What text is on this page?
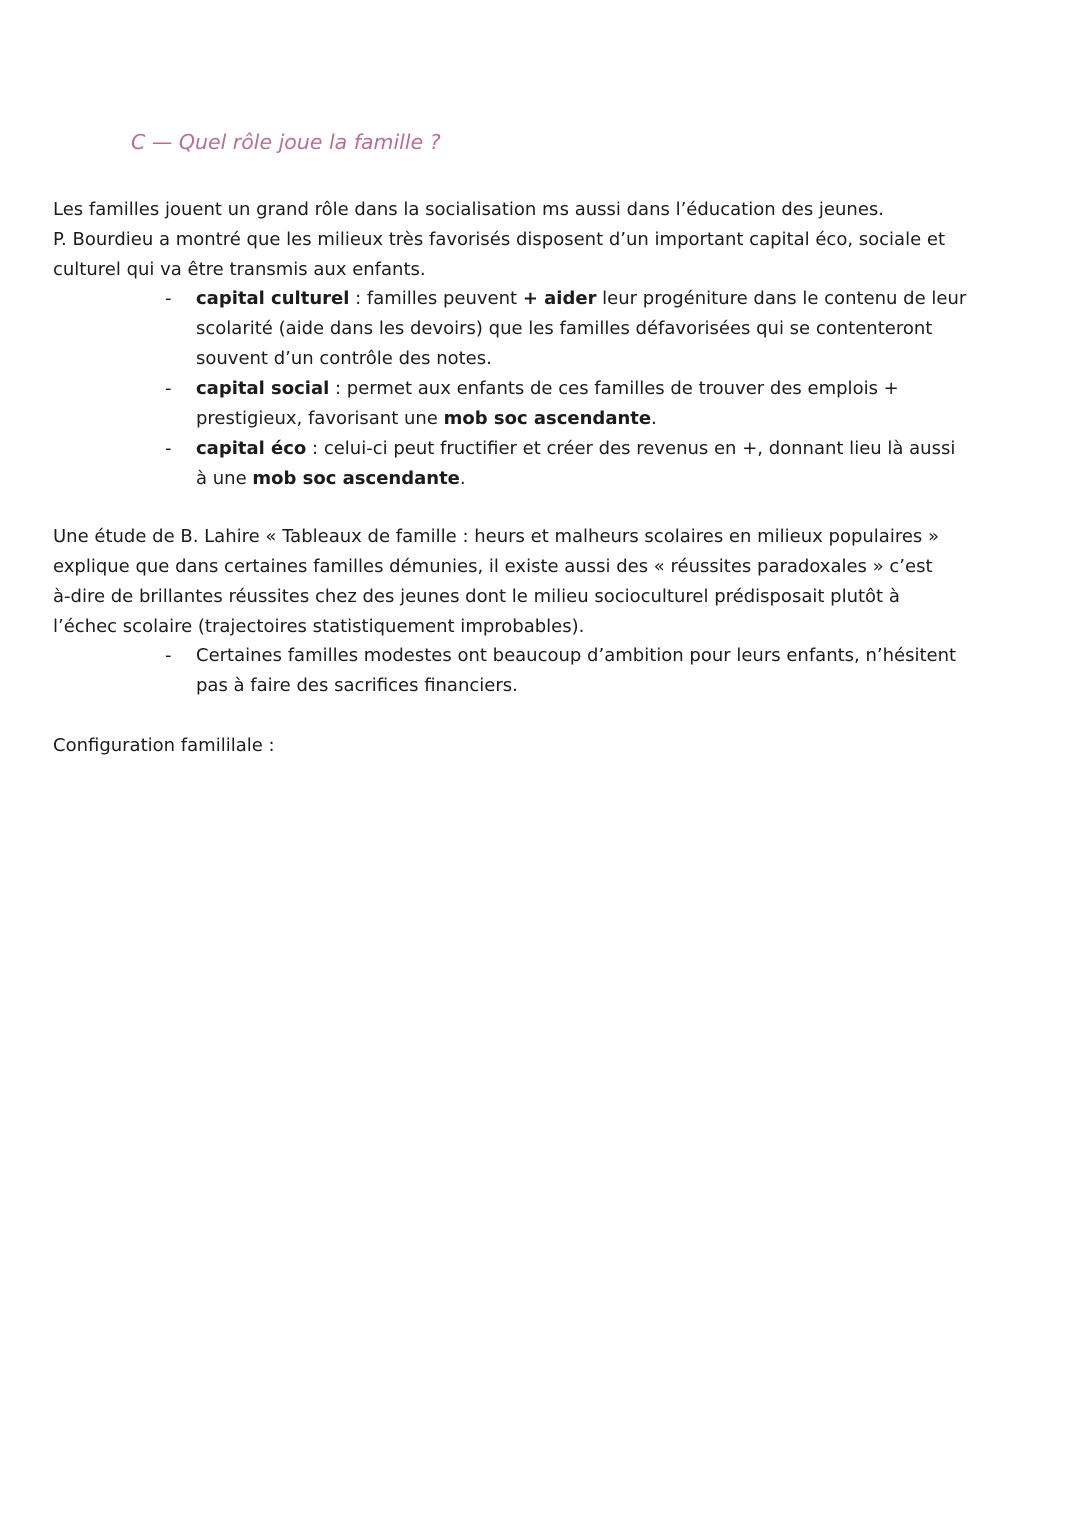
C — Quel rôle joue la famille ?

Les familles jouent un grand rôle dans la socialisation ms aussi dans l’éducation des jeunes.
P. Bourdieu a montré que les milieux très favorisés disposent d’un important capital éco, sociale et
culturel qui va être transmis aux enfants.

- capital culturel : familles peuvent + aider leur progéniture dans le contenu de leur
scolarité (aide dans les devoirs) que les familles défavorisées qui se contenteront
souvent d’un contrôle des notes.
- capital social : permet aux enfants de ces familles de trouver des emplois +
prestigieux, favorisant une mob soc ascendante.
- capital éco : celui-ci peut fructifier et créer des revenus en +, donnant lieu là aussi
à une mob soc ascendante.

Une étude de B. Lahire « Tableaux de famille : heurs et malheurs scolaires en milieux populaires »
explique que dans certaines familles démunies, il existe aussi des « réussites paradoxales » c’est
à-dire de brillantes réussites chez des jeunes dont le milieu socioculturel prédisposait plutôt à
l’échec scolaire (trajectoires statistiquement improbables).

- Certaines familles modestes ont beaucoup d’ambition pour leurs enfants, n’hésitent
pas à faire des sacrifices financiers.

Configuration famililale :
